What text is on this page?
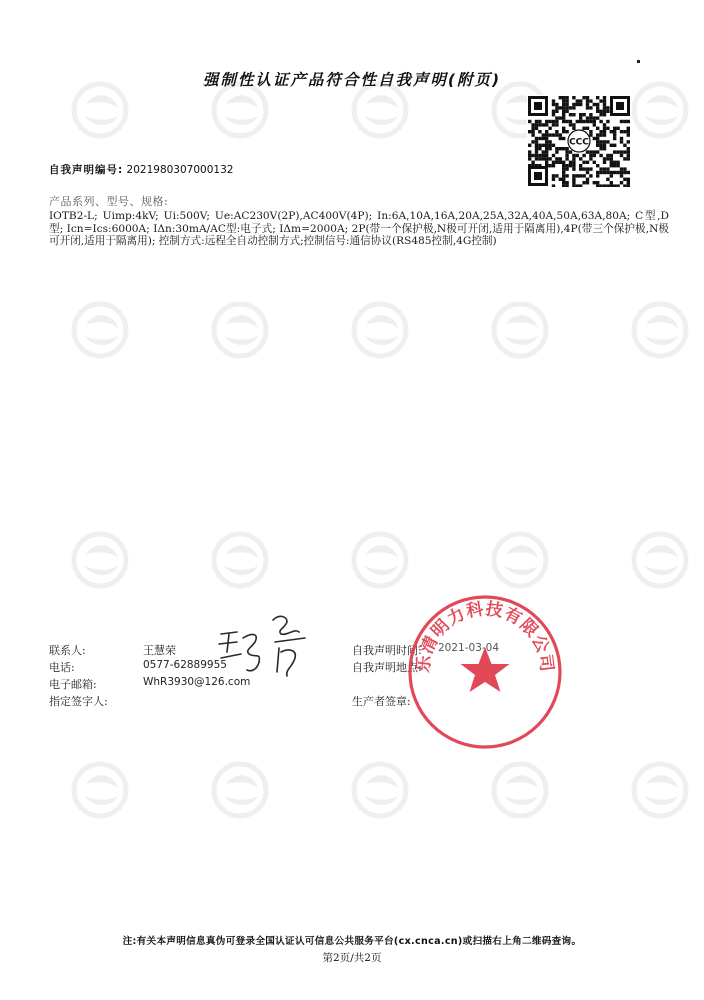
强制性认证产品符合性自我声明(附页)
CCC
自我声明编号: 2021980307000132
产品系列、型号、规格:
IOTB2-L; Uimp:4kV; Ui:500V; Ue:AC230V(2P),AC400V(4P); In:6A,10A,16A,20A,25A,32A,40A,50A,63A,80A; C型,D型; Icn=Ics:6000A; IΔn:30mA/AC型:电子式; IΔm=2000A; 2P(带一个保护极,N极可开闭,适用于隔离用),4P(带三个保护极,N极可开闭,适用于隔离用); 控制方式:远程全自动控制方式;控制信号:通信协议(RS485控制,4G控制)
联系人:	王慧荣
电话:	0577-62889955
电子邮箱:	WhR3930@126.com
指定签字人:
自我声明时间: 2021-03-04
自我声明地点:
生产者签章:
乐清明力科技有限公司
注:有关本声明信息真伪可登录全国认证认可信息公共服务平台(cx.cnca.cn)或扫描右上角二维码查询。
第2页/共2页
